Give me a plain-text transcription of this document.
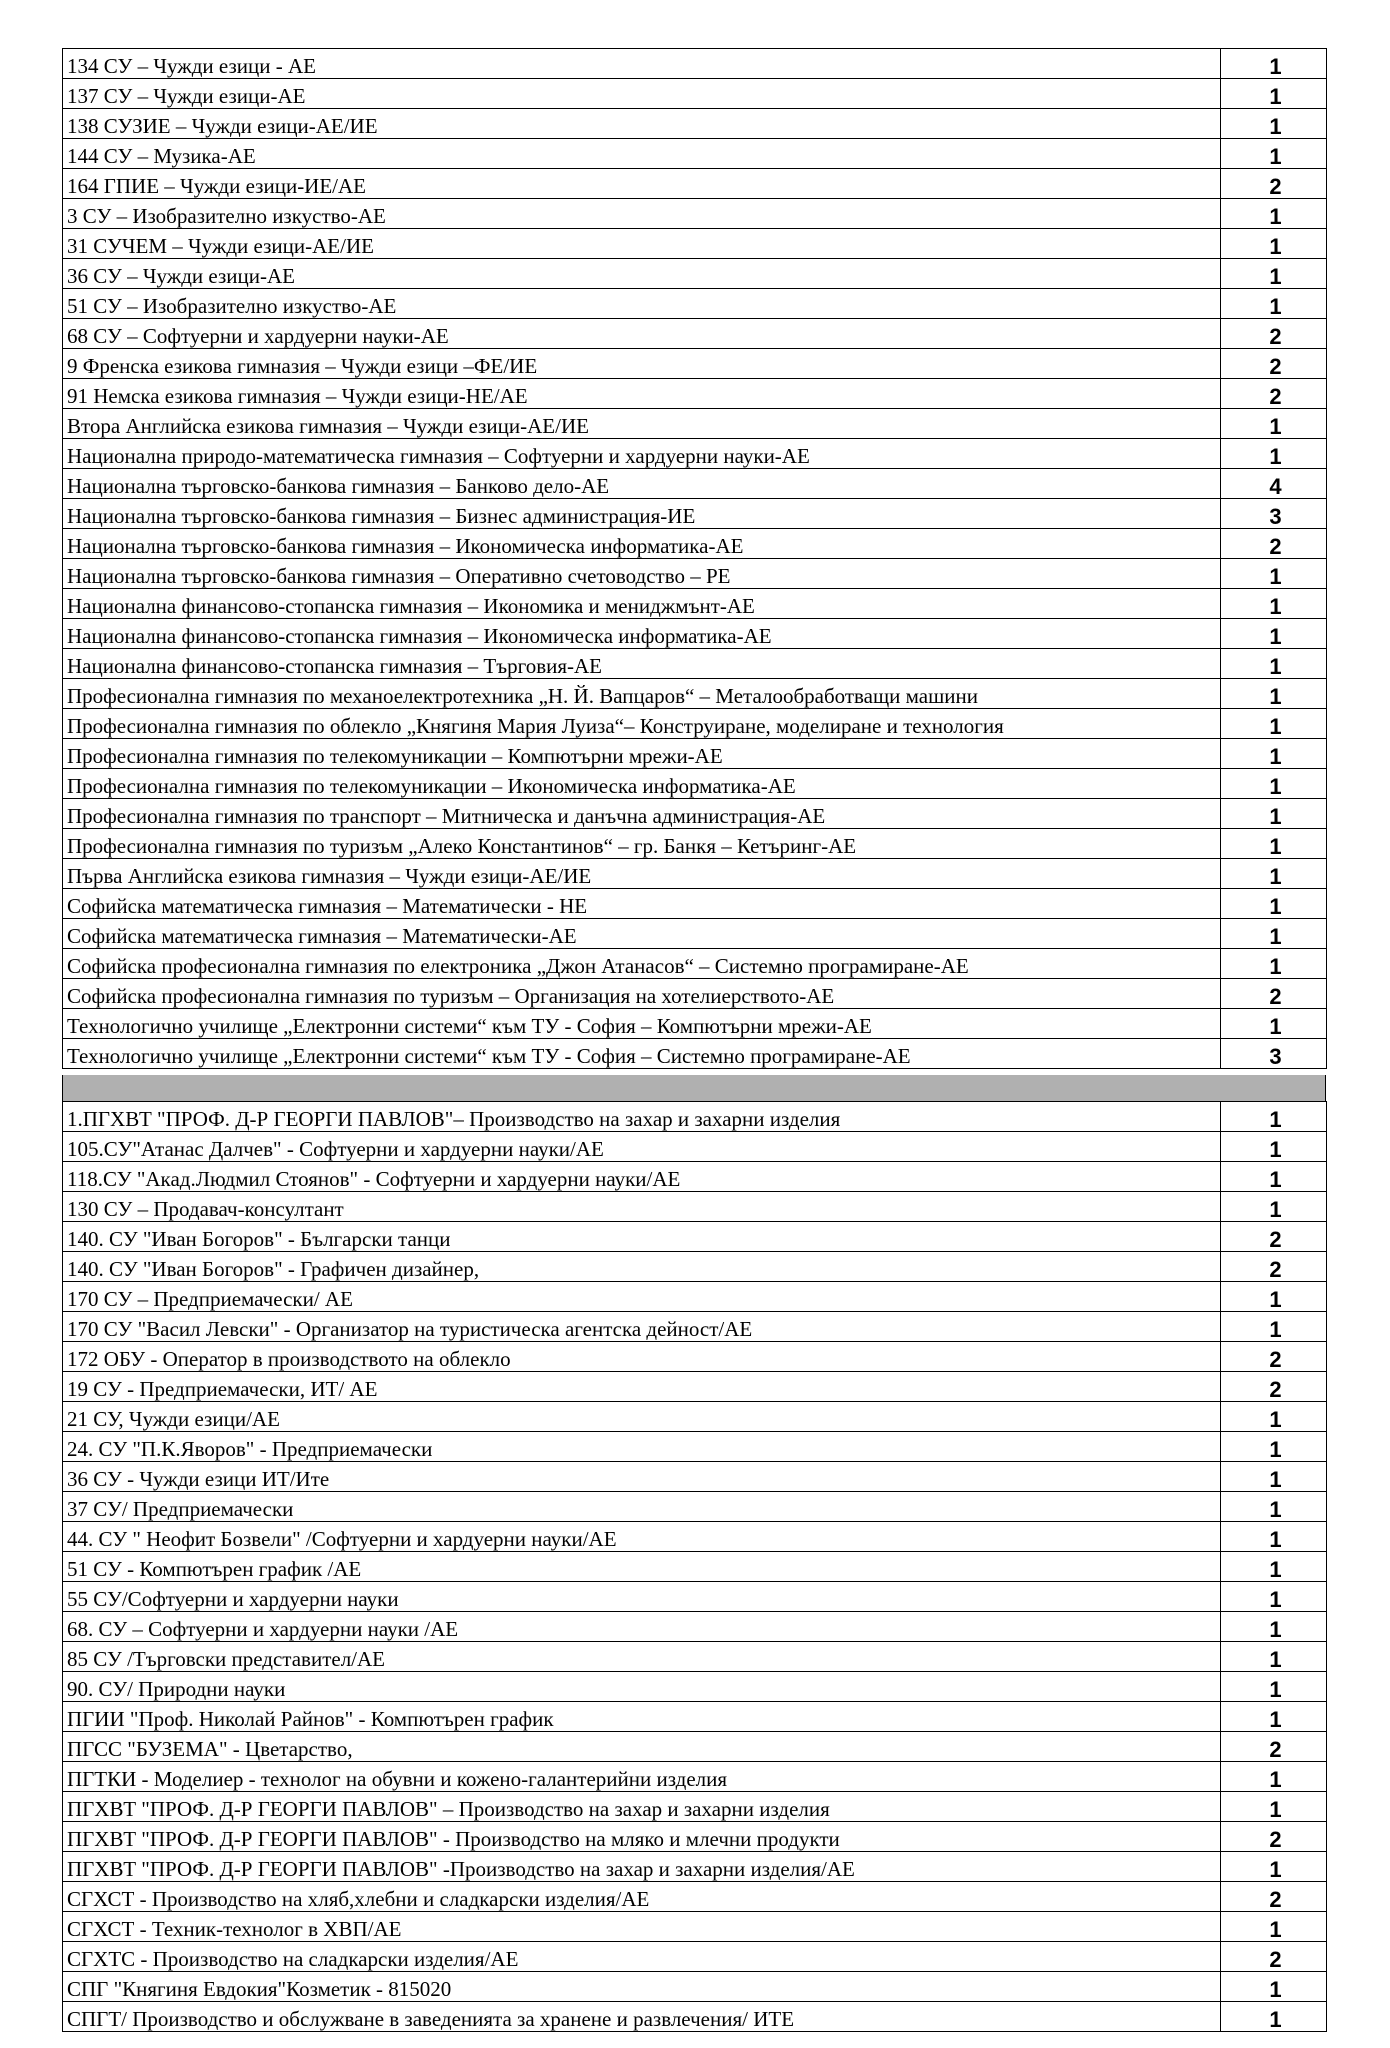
134 СУ – Чужди езици - АЕ	1
137 СУ – Чужди езици-АЕ	1
138 СУЗИЕ – Чужди езици-АЕ/ИЕ	1
144 СУ – Музика-АЕ	1
164 ГПИЕ – Чужди езици-ИЕ/АЕ	2
3 СУ – Изобразително изкуство-АЕ	1
31 СУЧЕМ – Чужди езици-АЕ/ИЕ	1
36 СУ – Чужди езици-АЕ	1
51 СУ – Изобразително изкуство-АЕ	1
68 СУ – Софтуерни и хардуерни науки-АЕ	2
9 Френска езикова гимназия – Чужди езици –ФЕ/ИЕ	2
91 Немска езикова гимназия – Чужди езици-НЕ/АЕ	2
Втора Английска езикова гимназия – Чужди езици-АЕ/ИЕ	1
Национална природо-математическа гимназия – Софтуерни и хардуерни науки-АЕ	1
Национална търговско-банкова гимназия – Банково дело-АЕ	4
Национална търговско-банкова гимназия – Бизнес администрация-ИЕ	3
Национална търговско-банкова гимназия – Икономическа информатика-АЕ	2
Национална търговско-банкова гимназия – Оперативно счетоводство – РЕ	1
Национална финансово-стопанска гимназия – Икономика и мениджмънт-АЕ	1
Национална финансово-стопанска гимназия – Икономическа информатика-АЕ	1
Национална финансово-стопанска гимназия – Търговия-АЕ	1
Професионална гимназия по механоелектротехника „Н. Й. Вапцаров“ – Металообработващи машини	1
Професионална гимназия по облекло „Княгиня Мария Луиза“– Конструиране, моделиране и технология	1
Професионална гимназия по телекомуникации – Компютърни мрежи-АЕ	1
Професионална гимназия по телекомуникации – Икономическа информатика-АЕ	1
Професионална гимназия по транспорт – Митническа и данъчна администрация-АЕ	1
Професионална гимназия по туризъм „Алеко Константинов“ – гр. Банкя – Кетъринг-АЕ	1
Първа Английска езикова гимназия – Чужди езици-АЕ/ИЕ	1
Софийска математическа гимназия – Математически - НЕ	1
Софийска математическа гимназия – Математически-АЕ	1
Софийска професионална гимназия по електроника „Джон Атанасов“ – Системно програмиране-АЕ	1
Софийска професионална гимназия по туризъм – Организация на хотелиерството-АЕ	2
Технологично училище „Електронни системи“ към ТУ - София – Компютърни мрежи-АЕ	1
Технологично училище „Електронни системи“ към ТУ - София – Системно програмиране-АЕ	3
1.ПГХВТ "ПРОФ. Д-Р ГЕОРГИ ПАВЛОВ"– Производство на захар и захарни изделия	1
105.СУ"Атанас Далчев" - Софтуерни и хардуерни науки/АЕ	1
118.СУ "Акад.Людмил Стоянов" - Софтуерни и хардуерни науки/АЕ	1
130 СУ – Продавач-консултант	1
140. СУ "Иван Богоров" - Български танци	2
140. СУ "Иван Богоров" - Графичен дизайнер,	2
170 СУ – Предприемачески/ АЕ	1
170 СУ "Васил Левски" - Организатор на туристическа агентска дейност/АЕ	1
172 ОБУ - Оператор в производството на облекло	2
19 СУ - Предприемачески, ИТ/ АЕ	2
21 СУ, Чужди езици/АЕ	1
24. СУ "П.К.Яворов" - Предприемачески	1
36 СУ - Чужди езици ИТ/Ите	1
37 СУ/ Предприемачески	1
44. СУ " Неофит Бозвели" /Софтуерни и хардуерни науки/АЕ	1
51 СУ - Компютърен график /АЕ	1
55 СУ/Софтуерни и хардуерни науки	1
68. СУ – Софтуерни и хардуерни науки /АЕ	1
85 СУ /Търговски представител/АЕ	1
90. СУ/ Природни науки	1
ПГИИ "Проф. Николай Райнов" - Компютърен график	1
ПГСС "БУЗЕМА" - Цветарство,	2
ПГТКИ - Моделиер - технолог на обувни и кожено-галантерийни изделия	1
ПГХВТ "ПРОФ. Д-Р ГЕОРГИ ПАВЛОВ" – Производство на захар и захарни изделия	1
ПГХВТ "ПРОФ. Д-Р ГЕОРГИ ПАВЛОВ" - Производство на мляко и млечни продукти	2
ПГХВТ "ПРОФ. Д-Р ГЕОРГИ ПАВЛОВ" -Производство на захар и захарни изделия/АЕ	1
СГХСТ - Производство на хляб,хлебни и сладкарски изделия/АЕ	2
СГХСТ - Техник-технолог в ХВП/АЕ	1
СГХТС - Производство на сладкарски изделия/АЕ	2
СПГ "Княгиня Евдокия"Козметик - 815020	1
СПГТ/ Производство и обслужване в заведенията за хранене и развлечения/ ИТЕ	1
